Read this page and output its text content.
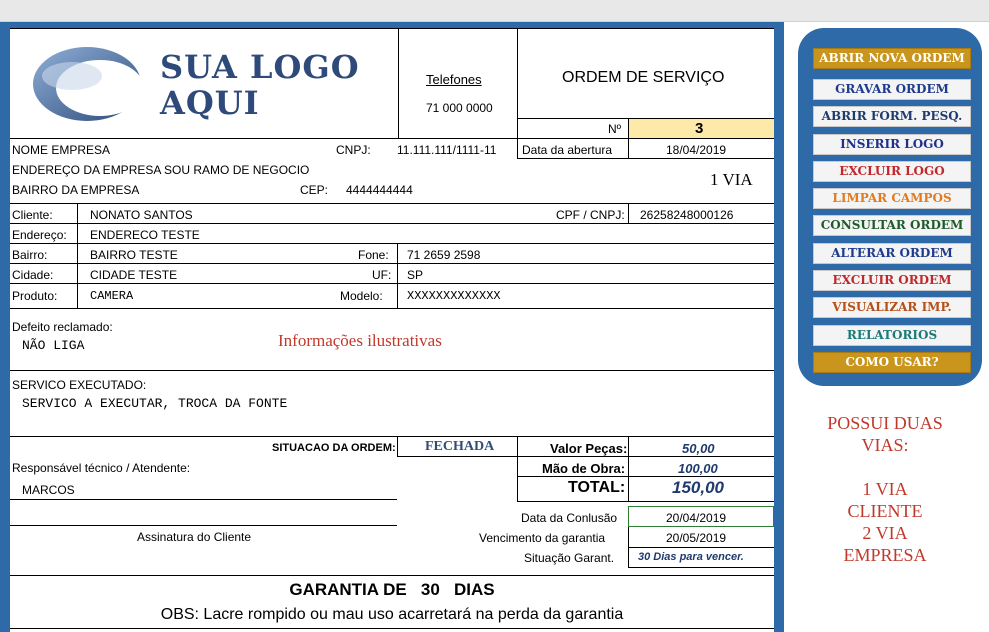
SUA LOGO
AQUI
Telefones
71 000 0000
ORDEM DE SERVIÇO
Nº	3
NOME EMPRESA	CNPJ: 11.111.111/1111-11 Data da abertura	18/04/2019
ENDEREÇO DA EMPRESA SOU RAMO DE NEGOCIO
BAIRRO DA EMPRESA	CEP: 4444444444
1 VIA
Cliente:	NONATO SANTOS	CPF / CNPJ: 26258248000126
Endereço: ENDERECO TESTE
Bairro:	BAIRRO TESTE	Fone: 71 2659 2598
Cidade:	CIDADE TESTE	UF: SP
Produto:	CAMERA	Modelo: XXXXXXXXXXXXX
Defeito reclamado:
NÃO LIGA	Informações ilustrativas
SERVICO EXECUTADO:
SERVICO A EXECUTAR, TROCA DA FONTE
SITUACAO DA ORDEM: FECHADA	Valor Peças:	50,00
Mão de Obra:	100,00
TOTAL:	150,00
Responsável técnico / Atendente:
MARCOS
Assinatura do Cliente
Data da Conlusão	20/04/2019
Vencimento da garantia	20/05/2019
Situação Garant. 30 Dias para vencer.
GARANTIA DE   30   DIAS
OBS: Lacre rompido ou mau uso acarretará na perda da garantia
ABRIR NOVA ORDEM
GRAVAR ORDEM
ABRIR FORM. PESQ.
INSERIR LOGO
EXCLUIR LOGO
LIMPAR CAMPOS
CONSULTAR ORDEM
ALTERAR ORDEM
EXCLUIR ORDEM
VISUALIZAR IMP.
RELATORIOS
COMO USAR?
POSSUI DUAS
VIAS:
1 VIA
CLIENTE
2 VIA
EMPRESA
